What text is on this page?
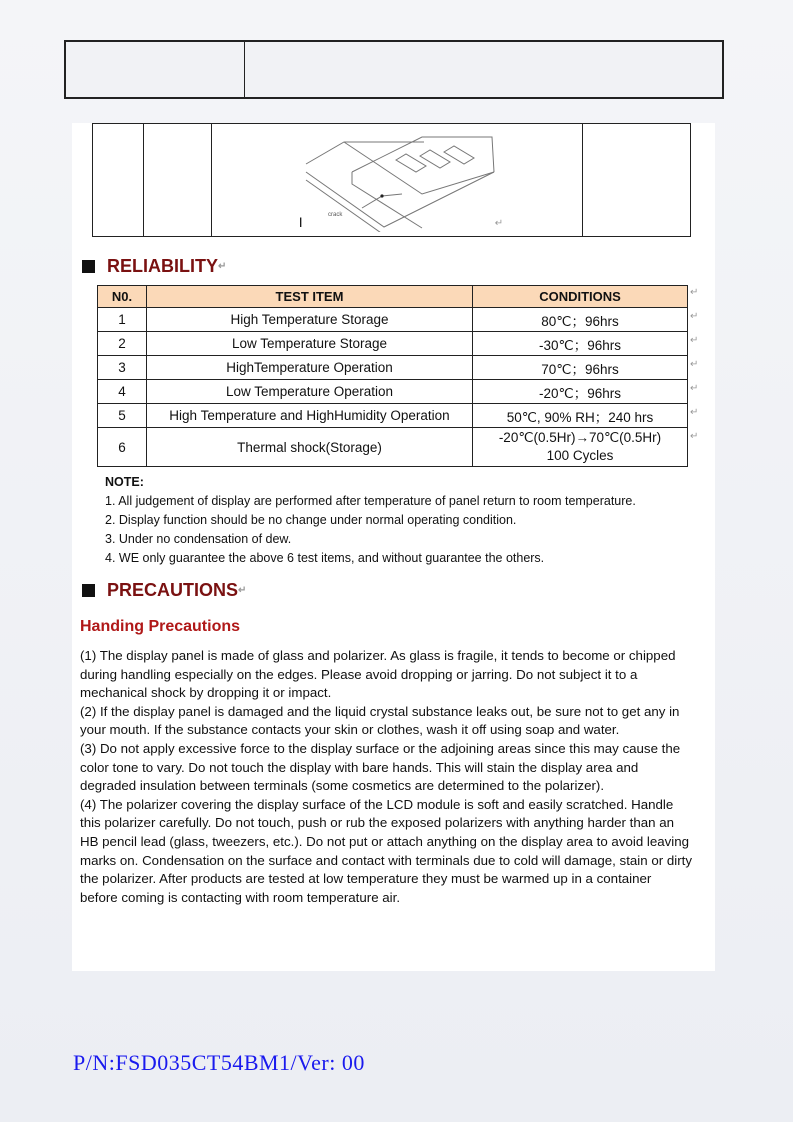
crack
I	↵

RELIABILITY ↵
N0.	TEST ITEM	CONDITIONS
1	High Temperature Storage	80℃；96hrs
2	Low Temperature Storage	-30℃；96hrs
3	HighTemperature Operation	70℃；96hrs
4	Low Temperature Operation	-20℃；96hrs
5	High Temperature and HighHumidity Operation	50℃, 90% RH；240 hrs
6	Thermal shock(Storage)	-20℃(0.5Hr)→70℃(0.5Hr)
100 Cycles
↵
↵
↵
↵
↵
↵
↵
NOTE:
1. All judgement of display are performed after temperature of panel return to room temperature.
2. Display function should be no change under normal operating condition.
3. Under no condensation of dew.
4. WE only guarantee the above 6 test items, and without guarantee the others.
PRECAUTIONS ↵
Handing Precautions

(1) The display panel is made of glass and polarizer. As glass is fragile, it tends to become or chipped during handling especially on the edges. Please avoid dropping or jarring. Do not subject it to a mechanical shock by dropping it or impact.

(2) If the display panel is damaged and the liquid crystal substance leaks out, be sure not to get any in your mouth. If the substance contacts your skin or clothes, wash it off using soap and water.

(3) Do not apply excessive force to the display surface or the adjoining areas since this may cause the color tone to vary. Do not touch the display with bare hands. This will stain the display area and degraded insulation between terminals (some cosmetics are determined to the polarizer).

(4) The polarizer covering the display surface of the LCD module is soft and easily scratched. Handle this polarizer carefully. Do not touch, push or rub the exposed polarizers with anything harder than an HB pencil lead (glass, tweezers, etc.). Do not put or attach anything on the display area to avoid leaving marks on. Condensation on the surface and contact with terminals due to cold will damage, stain or dirty the polarizer. After products are tested at low temperature they must be warmed up in a container before coming is contacting with room temperature air.

P/N:FSD035CT54BM1/Ver: 00
